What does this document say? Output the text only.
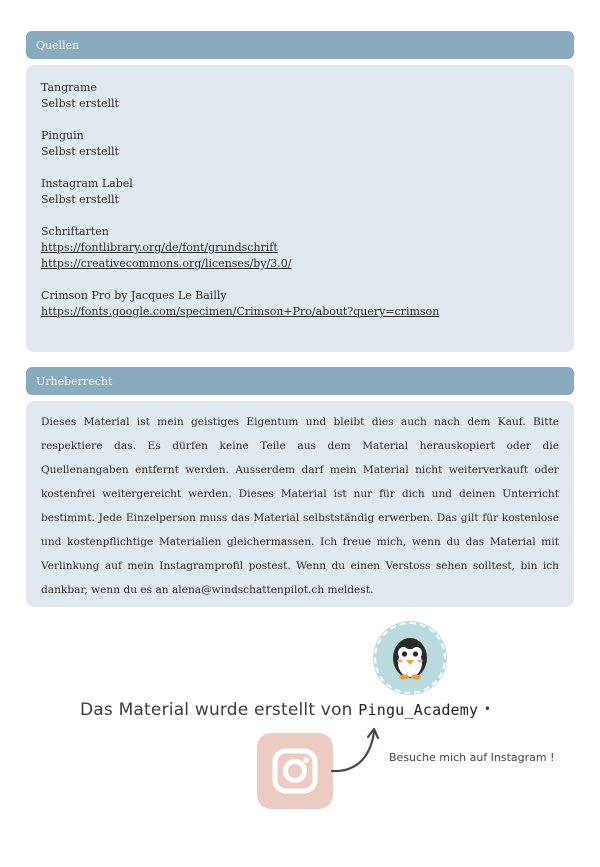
Quellen
Tangrame
Selbst erstellt
Pinguin
Selbst erstellt
Instagram Label
Selbst erstellt
Schriftarten
https://fontlibrary.org/de/font/grundschrift
https://creativecommons.org/licenses/by/3.0/
Crimson Pro by Jacques Le Bailly
https://fonts.google.com/specimen/Crimson+Pro/about?query=crimson
Urheberrecht

Dieses Material ist mein geistiges Eigentum und bleibt dies auch nach dem Kauf. Bitte respektiere das. Es dürfen keine Teile aus dem Material herauskopiert oder die Quellenangaben entfernt werden. Ausserdem darf mein Material nicht weiterverkauft oder kostenfrei weitergereicht werden. Dieses Material ist nur für dich und deinen Unterricht bestimmt. Jede Einzelperson muss das Material selbstständig erwerben. Das gilt für kostenlose und kostenpflichtige Materialien gleichermassen. Ich freue mich, wenn du das Material mit Verlinkung auf mein Instagramprofil postest. Wenn du einen Verstoss sehen solltest, bin ich dankbar, wenn du es an alena@windschattenpilot.ch meldest.

Das Material wurde erstellt von Pingu_Academy •
Besuche mich auf Instagram !
